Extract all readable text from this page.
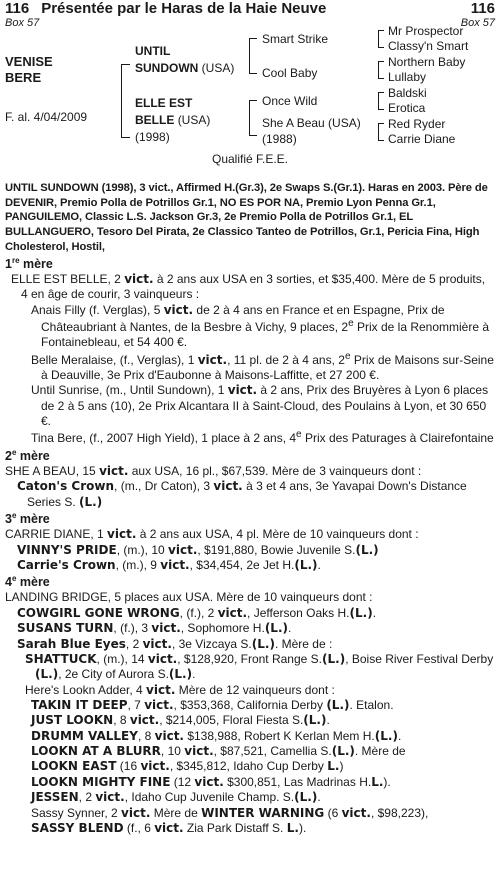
116 Présentée par le Haras de la Haie Neuve	116
Box 57	Box 57
VENISE
BERE
F. al. 4/04/2009
UNTIL
SUNDOWN (USA)
ELLE EST
BELLE (USA)
(1998)
Smart Strike
Cool Baby
Once Wild
She A Beau (USA)
(1988)
Mr Prospector
Classy'n Smart
Northern Baby
Lullaby
Baldski
Erotica
Red Ryder
Carrie Diane
Qualifié F.E.E.

UNTIL SUNDOWN (1998), 3 vict., Affirmed H.(Gr.3), 2e Swaps S.(Gr.1). Haras en 2003. Père de DEVENIR, Premio Polla de Potrillos Gr.1, NO ES POR NA, Premio Lyon Penna Gr.1, PANGUILEMO, Classic L.S. Jackson Gr.3, 2e Premio Polla de Potrillos Gr.1, EL BULLANGUERO, Tesoro Del Pirata, 2e Classico Tanteo de Potrillos, Gr.1, Pericia Fina, High Cholesterol, Hostil,

1re mère

ELLE EST BELLE, 2 vict. à 2 ans aux USA en 3 sorties, et $35,400. Mère de 5 produits, 4 en âge de courir, 3 vainqueurs :

Anais Filly (f. Verglas), 5 vict. de 2 à 4 ans en France et en Espagne, Prix de Châteaubriant à Nantes, de la Besbre à Vichy, 9 places, 2e Prix de la Renommière à Fontainebleau, et 54 400 €.

Belle Meralaise, (f., Verglas), 1 vict., 11 pl. de 2 à 4 ans, 2e Prix de Maisons sur-Seine à Deauville, 3e Prix d'Eaubonne à Maisons-Laffitte, et 27 200 €.

Until Sunrise, (m., Until Sundown), 1 vict. à 2 ans, Prix des Bruyères à Lyon 6 places de 2 à 5 ans (10), 2e Prix Alcantara II à Saint-Cloud, des Poulains à Lyon, et 30 650 €.

Tina Bere, (f., 2007 High Yield), 1 place à 2 ans, 4e Prix des Paturages à Clairefontaine

2e mère

SHE A BEAU, 15 vict. aux USA, 16 pl., $67,539. Mère de 3 vainqueurs dont :

Caton's Crown, (m., Dr Caton), 3 vict. à 3 et 4 ans, 3e Yavapai Down's Distance Series S. (L.)

3e mère

CARRIE DIANE, 1 vict. à 2 ans aux USA, 4 pl. Mère de 10 vainqueurs dont :

VINNY'S PRIDE, (m.), 10 vict., $191,880, Bowie Juvenile S.(L.)

Carrie's Crown, (m.), 9 vict., $34,454, 2e Jet H.(L.).

4e mère

LANDING BRIDGE, 5 places aux USA. Mère de 10 vainqueurs dont :

COWGIRL GONE WRONG, (f.), 2 vict., Jefferson Oaks H.(L.).

SUSANS TURN, (f.), 3 vict., Sophomore H.(L.).

Sarah Blue Eyes, 2 vict., 3e Vizcaya S.(L.). Mère de :

SHATTUCK, (m.), 14 vict., $128,920, Front Range S.(L.), Boise River Festival Derby (L.), 2e City of Aurora S.(L.).

Here's Lookn Adder, 4 vict. Mère de 12 vainqueurs dont :

TAKIN IT DEEP, 7 vict., $353,368, California Derby (L.). Etalon.

JUST LOOKN, 8 vict., $214,005, Floral Fiesta S.(L.).

DRUMM VALLEY, 8 vict. $138,988, Robert K Kerlan Mem H.(L.).

LOOKN AT A BLURR, 10 vict., $87,521, Camellia S.(L.). Mère de

LOOKN EAST (16 vict., $345,812, Idaho Cup Derby L.)

LOOKN MIGHTY FINE (12 vict. $300,851, Las Madrinas H.L.).

JESSEN, 2 vict., Idaho Cup Juvenile Champ. S.(L.).

Sassy Synner, 2 vict. Mère de WINTER WARNING (6 vict., $98,223),

SASSY BLEND (f., 6 vict. Zia Park Distaff S. L.).
